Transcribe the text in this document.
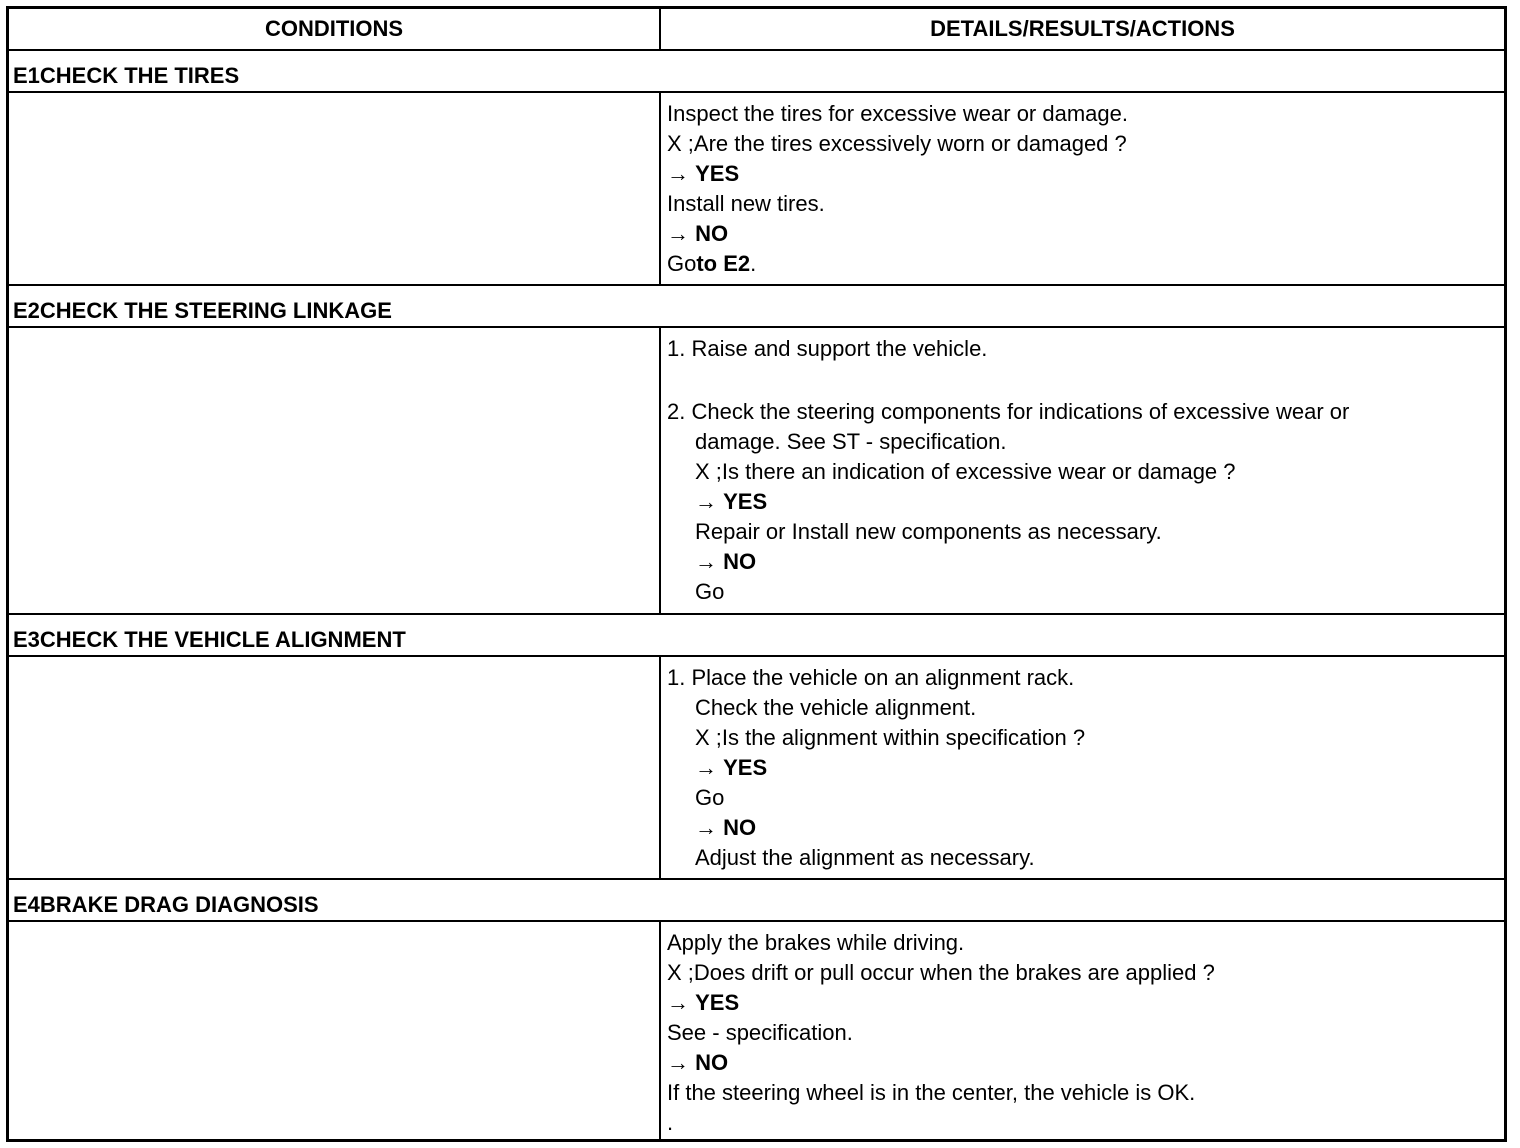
CONDITIONS	DETAILS/RESULTS/ACTIONS
E1CHECK THE TIRES
Inspect the tires for excessive wear or damage.
X ;Are the tires excessively worn or damaged ?
→ YES
Install new tires.
→ NO
Goto E2.
E2CHECK THE STEERING LINKAGE
1. Raise and support the vehicle.
2. Check the steering components for indications of excessive wear or
damage. See ST - specification.
X ;Is there an indication of excessive wear or damage ?
→ YES
Repair or Install new components as necessary.
→ NO
Go
E3CHECK THE VEHICLE ALIGNMENT
1. Place the vehicle on an alignment rack.
Check the vehicle alignment.
X ;Is the alignment within specification ?
→ YES
Go
→ NO
Adjust the alignment as necessary.
E4BRAKE DRAG DIAGNOSIS
Apply the brakes while driving.
X ;Does drift or pull occur when the brakes are applied ?
→ YES
See - specification.
→ NO
If the steering wheel is in the center, the vehicle is OK.
.
